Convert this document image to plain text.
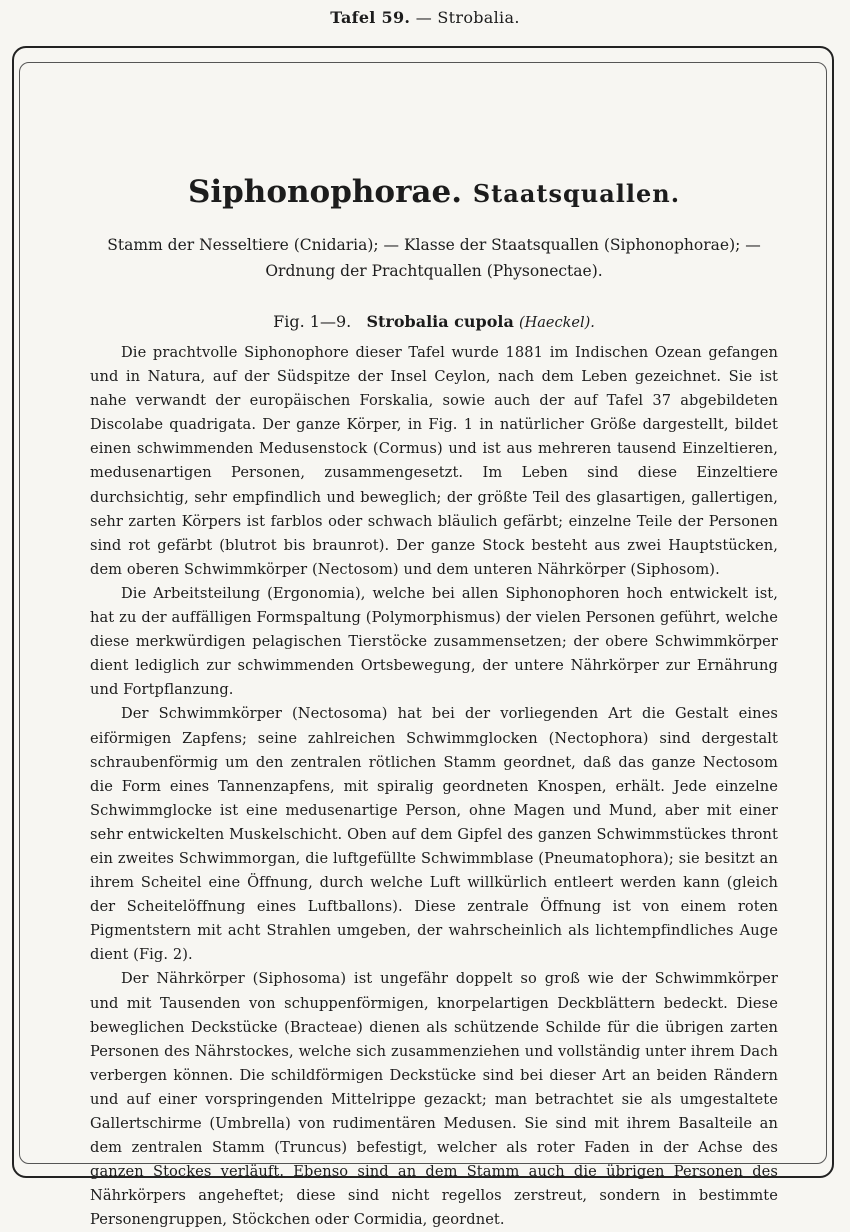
Tafel 59. — Strobalia.
Siphonophorae. Staatsquallen.
Stamm der Nesseltiere (Cnidaria); — Klasse der Staatsquallen (Siphonophorae); —
Ordnung der Prachtquallen (Physonectae).
Fig. 1—9. Strobalia cupola (Haeckel).

Die prachtvolle Siphonophore dieser Tafel wurde 1881 im Indischen Ozean gefangen und in Natura, auf der Südspitze der Insel Ceylon, nach dem Leben gezeichnet. Sie ist nahe verwandt der europäischen Forskalia, sowie auch der auf Tafel 37 abgebildeten Discolabe quadrigata. Der ganze Körper, in Fig. 1 in natürlicher Größe dargestellt, bildet einen schwimmenden Medusenstock (Cormus) und ist aus mehreren tausend Einzeltieren, medusenartigen Personen, zusammengesetzt. Im Leben sind diese Einzeltiere durchsichtig, sehr empfindlich und beweglich; der größte Teil des glasartigen, gallertigen, sehr zarten Körpers ist farblos oder schwach bläulich gefärbt; einzelne Teile der Personen sind rot gefärbt (blutrot bis braunrot). Der ganze Stock besteht aus zwei Hauptstücken, dem oberen Schwimmkörper (Nectosom) und dem unteren Nährkörper (Siphosom).

Die Arbeitsteilung (Ergonomia), welche bei allen Siphonophoren hoch entwickelt ist, hat zu der auffälligen Formspaltung (Polymorphismus) der vielen Personen geführt, welche diese merkwürdigen pelagischen Tierstöcke zusammensetzen; der obere Schwimmkörper dient lediglich zur schwimmenden Ortsbewegung, der untere Nährkörper zur Ernährung und Fortpflanzung.

Der Schwimmkörper (Nectosoma) hat bei der vorliegenden Art die Gestalt eines eiförmigen Zapfens; seine zahlreichen Schwimmglocken (Nectophora) sind dergestalt schraubenförmig um den zentralen rötlichen Stamm geordnet, daß das ganze Nectosom die Form eines Tannenzapfens, mit spiralig geordneten Knospen, erhält. Jede einzelne Schwimmglocke ist eine medusenartige Person, ohne Magen und Mund, aber mit einer sehr entwickelten Muskelschicht. Oben auf dem Gipfel des ganzen Schwimmstückes thront ein zweites Schwimmorgan, die luftgefüllte Schwimmblase (Pneumatophora); sie besitzt an ihrem Scheitel eine Öffnung, durch welche Luft willkürlich entleert werden kann (gleich der Scheitelöffnung eines Luftballons). Diese zentrale Öffnung ist von einem roten Pigmentstern mit acht Strahlen umgeben, der wahrscheinlich als lichtempfindliches Auge dient (Fig. 2).

Der Nährkörper (Siphosoma) ist ungefähr doppelt so groß wie der Schwimmkörper und mit Tausenden von schuppenförmigen, knorpelartigen Deckblättern bedeckt. Diese beweglichen Deckstücke (Bracteae) dienen als schützende Schilde für die übrigen zarten Personen des Nährstockes, welche sich zusammenziehen und vollständig unter ihrem Dach verbergen können. Die schildförmigen Deckstücke sind bei dieser Art an beiden Rändern und auf einer vorspringenden Mittelrippe gezackt; man betrachtet sie als umgestaltete Gallertschirme (Umbrella) von rudimentären Medusen. Sie sind mit ihrem Basalteile an dem zentralen Stamm (Truncus) befestigt, welcher als roter Faden in der Achse des ganzen Stockes verläuft. Ebenso sind an dem Stamm auch die übrigen Personen des Nährkörpers angeheftet; diese sind nicht regellos zerstreut, sondern in bestimmte Personengruppen, Stöckchen oder Cormidia, geordnet.
